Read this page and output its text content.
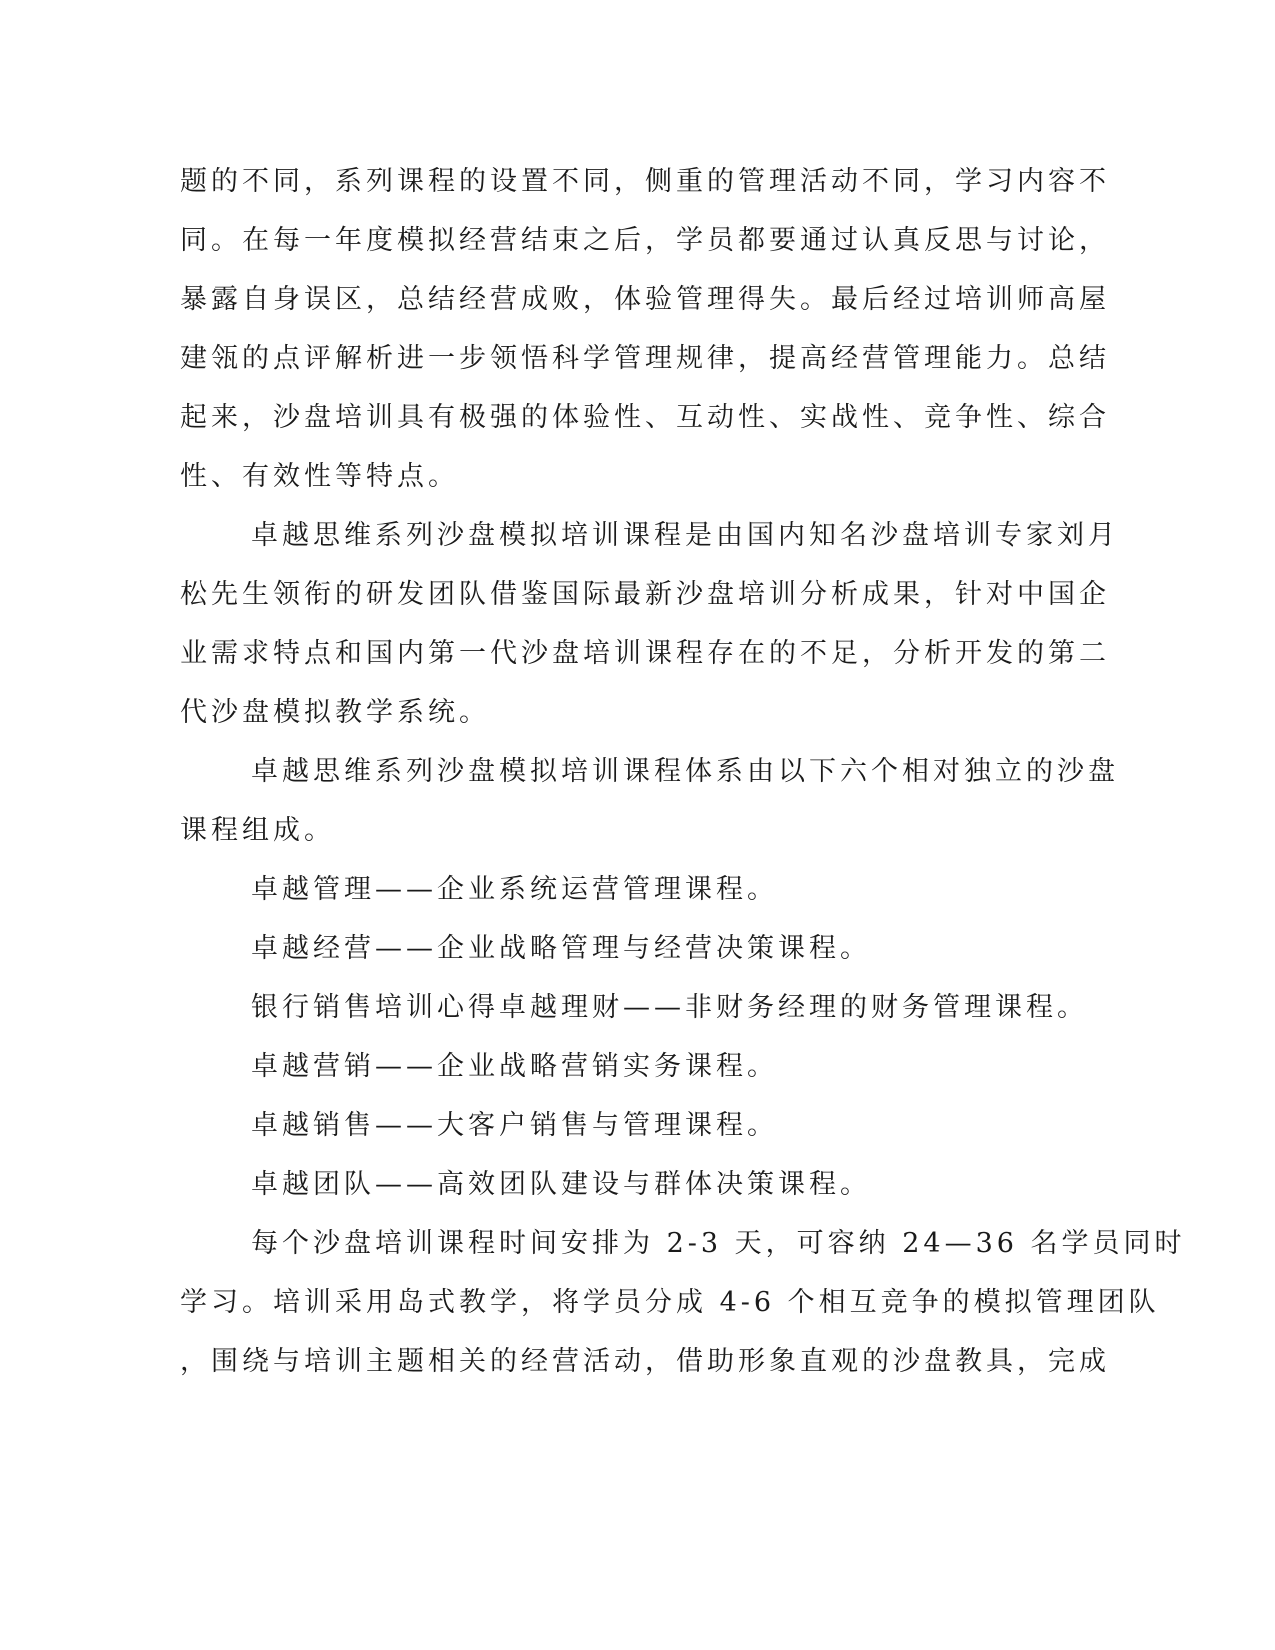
题的不同，系列课程的设置不同，侧重的管理活动不同，学习内容不

同。在每一年度模拟经营结束之后，学员都要通过认真反思与讨论，

暴露自身误区，总结经营成败，体验管理得失。最后经过培训师高屋

建瓴的点评解析进一步领悟科学管理规律，提高经营管理能力。总结

起来，沙盘培训具有极强的体验性、互动性、实战性、竞争性、综合

性、有效性等特点。

卓越思维系列沙盘模拟培训课程是由国内知名沙盘培训专家刘月

松先生领衔的研发团队借鉴国际最新沙盘培训分析成果，针对中国企

业需求特点和国内第一代沙盘培训课程存在的不足，分析开发的第二

代沙盘模拟教学系统。

卓越思维系列沙盘模拟培训课程体系由以下六个相对独立的沙盘

课程组成。

卓越管理——企业系统运营管理课程。

卓越经营——企业战略管理与经营决策课程。

银行销售培训心得卓越理财——非财务经理的财务管理课程。

卓越营销——企业战略营销实务课程。

卓越销售——大客户销售与管理课程。

卓越团队——高效团队建设与群体决策课程。

每个沙盘培训课程时间安排为 2-3 天，可容纳 24—36 名学员同时

学习。培训采用岛式教学，将学员分成 4-6 个相互竞争的模拟管理团队

，围绕与培训主题相关的经营活动，借助形象直观的沙盘教具，完成
